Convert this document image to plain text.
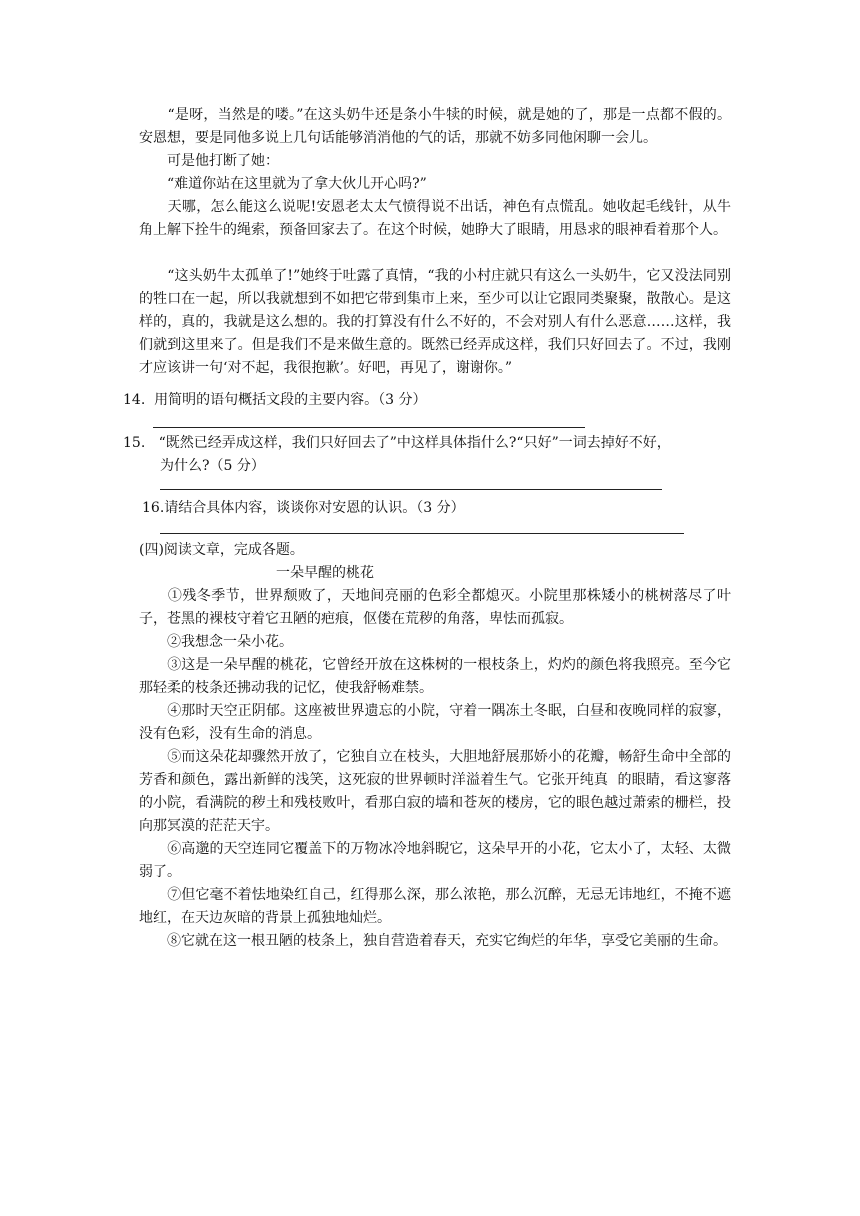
　　“是呀，当然是的喽。”在这头奶牛还是条小牛犊的时候，就是她的了，那是一点都不假的。安恩想，要是同他多说上几句话能够消消他的气的话，那就不妨多同他闲聊一会儿。

　　可是他打断了她：

　　“难道你站在这里就为了拿大伙儿开心吗?”

　　天哪，怎么能这么说呢!安恩老太太气愤得说不出话，神色有点慌乱。她收起毛线针，从牛角上解下拴牛的绳索，预备回家去了。在这个时候，她睁大了眼睛，用恳求的眼神看着那个人。

　　“这头奶牛太孤单了!”她终于吐露了真情，“我的小村庄就只有这么一头奶牛，它又没法同别的牲口在一起，所以我就想到不如把它带到集市上来，至少可以让它跟同类聚聚，散散心。是这样的，真的，我就是这么想的。我的打算没有什么不好的，不会对别人有什么恶意……这样，我们就到这里来了。但是我们不是来做生意的。既然已经弄成这样，我们只好回去了。不过，我刚才应该讲一句‘对不起，我很抱歉’。好吧，再见了，谢谢你。”

14.  用简明的语句概括文段的主要内容。（3 分）

15.   “既然已经弄成这样，我们只好回去了”中这样具体指什么?“只好”一词去掉好不好，

为什么?（5 分）

16.请结合具体内容，谈谈你对安恩的认识。（3 分）

(四)阅读文章，完成各题。

一朵早醒的桃花

　　①残冬季节，世界颓败了，天地间亮丽的色彩全都熄灭。小院里那株矮小的桃树落尽了叶子，苍黑的裸枝守着它丑陋的疤痕，伛偻在荒秽的角落，卑怯而孤寂。

　　②我想念一朵小花。

　　③这是一朵早醒的桃花，它曾经开放在这株树的一根枝条上，灼灼的颜色将我照亮。至今它那轻柔的枝条还拂动我的记忆，使我舒畅难禁。

　　④那时天空正阴郁。这座被世界遗忘的小院，守着一隅冻土冬眠，白昼和夜晚同样的寂寥，没有色彩，没有生命的消息。

　　⑤而这朵花却骤然开放了，它独自立在枝头，大胆地舒展那娇小的花瓣，畅舒生命中全部的芳香和颜色，露出新鲜的浅笑，这死寂的世界顿时洋溢着生气。它张开纯真  的眼睛，看这寥落的小院，看满院的秽土和残枝败叶，看那白寂的墙和苍灰的楼房，它的眼色越过萧索的栅栏，投向那冥漠的茫茫天宇。

　　⑥高邈的天空连同它覆盖下的万物冰冷地斜睨它，这朵早开的小花，它太小了，太轻、太微弱了。

　　⑦但它毫不着怯地染红自己，红得那么深，那么浓艳，那么沉醉，无忌无讳地红，不掩不遮地红，在天边灰暗的背景上孤独地灿烂。

　　⑧它就在这一根丑陋的枝条上，独自营造着春天，充实它绚烂的年华，享受它美丽的生命。
